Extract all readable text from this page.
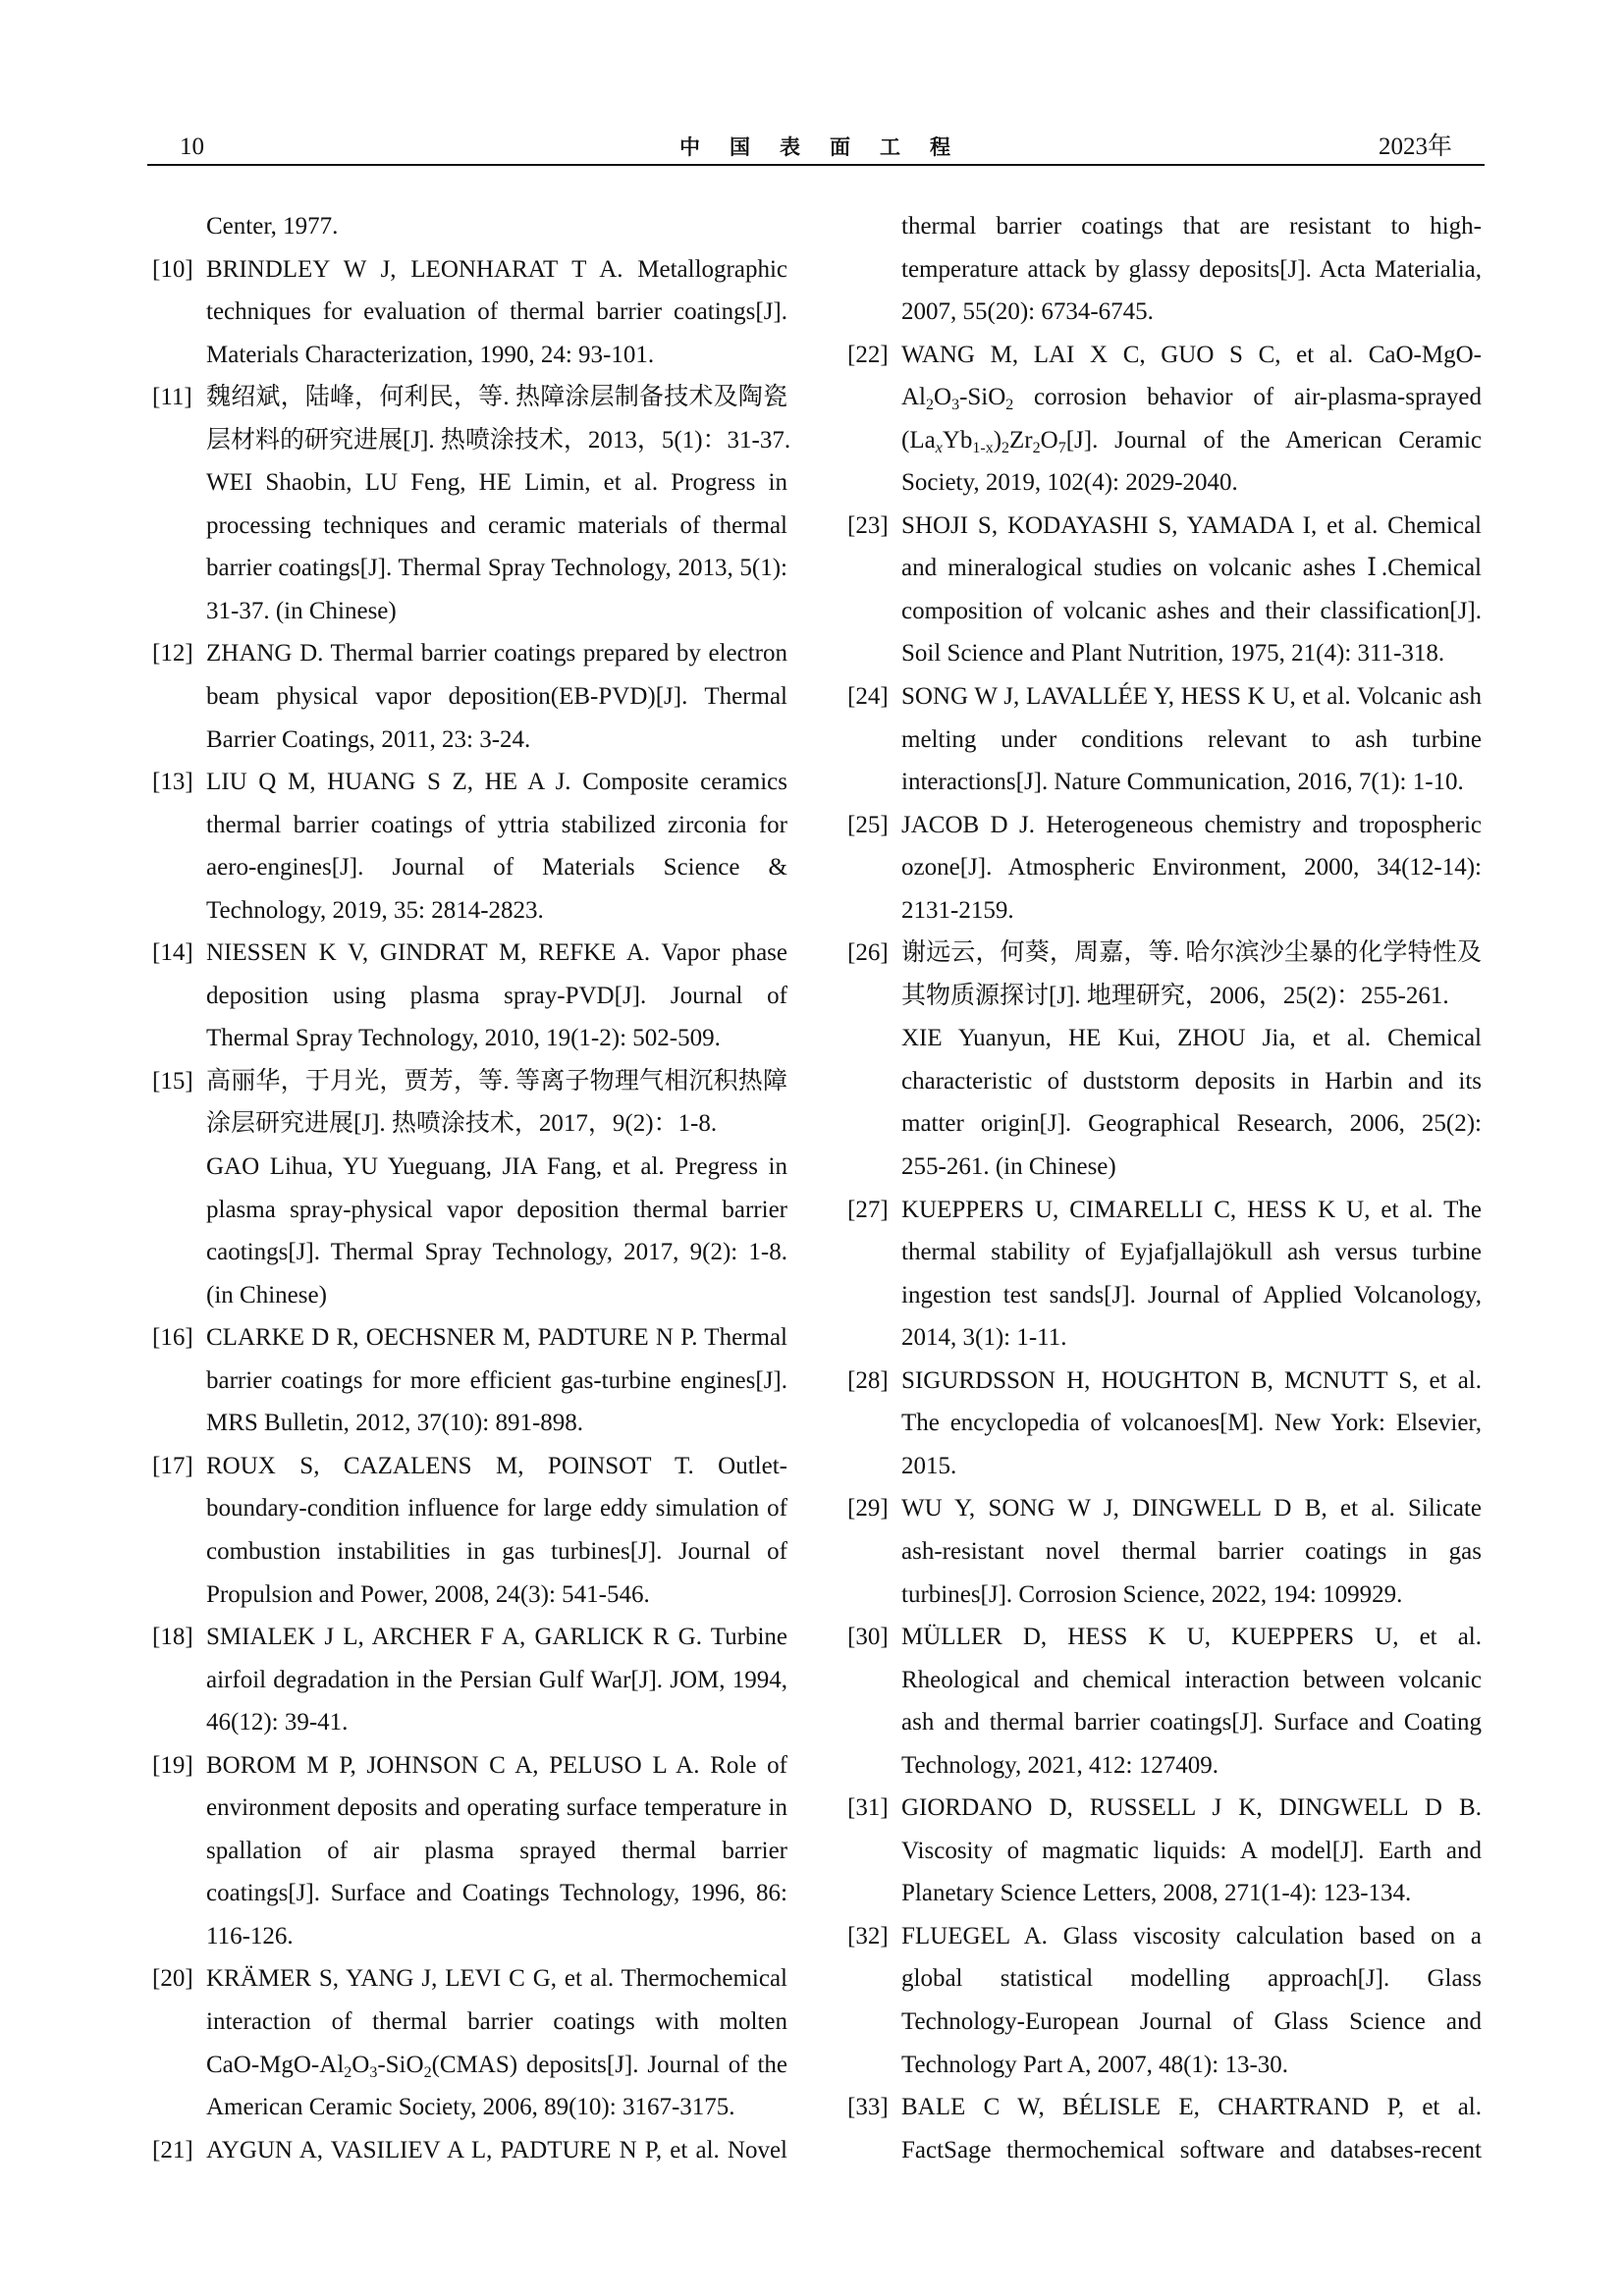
10	中国表面工程	2023年
Center, 1977.
[10] BRINDLEY W J, LEONHARAT T A. Metallographic
techniques for evaluation of thermal barrier coatings[J].
Materials Characterization, 1990, 24: 93-101.
[11] 魏绍斌，陆峰，何利民，等. 热障涂层制备技术及陶瓷
层材料的研究进展[J]. 热喷涂技术，2013，5(1)：31-37.
WEI Shaobin, LU Feng, HE Limin, et al. Progress in
processing techniques and ceramic materials of thermal
barrier coatings[J]. Thermal Spray Technology, 2013, 5(1):
31-37. (in Chinese)
[12] ZHANG D. Thermal barrier coatings prepared by electron
beam physical vapor deposition(EB-PVD)[J]. Thermal
Barrier Coatings, 2011, 23: 3-24.
[13] LIU Q M, HUANG S Z, HE A J. Composite ceramics
thermal barrier coatings of yttria stabilized zirconia for
aero-engines[J]. Journal of Materials Science &
Technology, 2019, 35: 2814-2823.
[14] NIESSEN K V, GINDRAT M, REFKE A. Vapor phase
deposition using plasma spray-PVD[J]. Journal of
Thermal Spray Technology, 2010, 19(1-2): 502-509.
[15] 高丽华，于月光，贾芳，等. 等离子物理气相沉积热障
涂层研究进展[J]. 热喷涂技术，2017，9(2)：1-8.
GAO Lihua, YU Yueguang, JIA Fang, et al. Pregress in
plasma spray-physical vapor deposition thermal barrier
caotings[J]. Thermal Spray Technology, 2017, 9(2): 1-8.
(in Chinese)
[16] CLARKE D R, OECHSNER M, PADTURE N P. Thermal
barrier coatings for more efficient gas-turbine engines[J].
MRS Bulletin, 2012, 37(10): 891-898.
[17] ROUX S, CAZALENS M, POINSOT T. Outlet-
boundary-condition influence for large eddy simulation of
combustion instabilities in gas turbines[J]. Journal of
Propulsion and Power, 2008, 24(3): 541-546.
[18] SMIALEK J L, ARCHER F A, GARLICK R G. Turbine
airfoil degradation in the Persian Gulf War[J]. JOM, 1994,
46(12): 39-41.
[19] BOROM M P, JOHNSON C A, PELUSO L A. Role of
environment deposits and operating surface temperature in
spallation of air plasma sprayed thermal barrier
coatings[J]. Surface and Coatings Technology, 1996, 86:
116-126.
[20] KRÄMER S, YANG J, LEVI C G, et al. Thermochemical
interaction of thermal barrier coatings with molten
CaO-$MgO-Al_2O_3-SiO_2(CMAS)$ deposits[J]. Journal of the
American Ceramic Society, 2006, 89(10): 3167-3175.
[21] AYGUN A, VASILIEV A L, PADTURE N P, et al. Novel
thermal barrier coatings that are resistant to high-
temperature attack by glassy deposits[J]. Acta Materialia,
2007, 55(20): 6734-6745.
[22] WANG M, LAI X C, GUO S C, et al. CaO-MgO-
$Al_2O_3-SiO_2$ corrosion behavior of air-plasma-sprayed
$(La_xYb_{1-x})_2Zr_2O_7[J]$. Journal of the American Ceramic
Society, 2019, 102(4): 2029-2040.
[23] SHOJI S, KODAYASHI S, YAMADA I, et al. Chemical
and mineralogical studies on volcanic ashes Ⅰ.Chemical
composition of volcanic ashes and their classification[J].
Soil Science and Plant Nutrition, 1975, 21(4): 311-318.
[24] SONG W J, LAVALLÉE Y, HESS K U, et al. Volcanic ash
melting under conditions relevant to ash turbine
interactions[J]. Nature Communication, 2016, 7(1): 1-10.
[25] JACOB D J. Heterogeneous chemistry and tropospheric
ozone[J]. Atmospheric Environment, 2000, 34(12-14):
2131-2159.
[26] 谢远云，何葵，周嘉，等. 哈尔滨沙尘暴的化学特性及
其物质源探讨[J]. 地理研究，2006，25(2)：255-261.
XIE Yuanyun, HE Kui, ZHOU Jia, et al. Chemical
characteristic of duststorm deposits in Harbin and its
matter origin[J]. Geographical Research, 2006, 25(2):
255-261. (in Chinese)
[27] KUEPPERS U, CIMARELLI C, HESS K U, et al. The
thermal stability of Eyjafjallajökull ash versus turbine
ingestion test sands[J]. Journal of Applied Volcanology,
2014, 3(1): 1-11.
[28] SIGURDSSON H, HOUGHTON B, MCNUTT S, et al.
The encyclopedia of volcanoes[M]. New York: Elsevier,
2015.
[29] WU Y, SONG W J, DINGWELL D B, et al. Silicate
ash-resistant novel thermal barrier coatings in gas
turbines[J]. Corrosion Science, 2022, 194: 109929.
[30] MÜLLER D, HESS K U, KUEPPERS U, et al.
Rheological and chemical interaction between volcanic
ash and thermal barrier coatings[J]. Surface and Coating
Technology, 2021, 412: 127409.
[31] GIORDANO D, RUSSELL J K, DINGWELL D B.
Viscosity of magmatic liquids: A model[J]. Earth and
Planetary Science Letters, 2008, 271(1-4): 123-134.
[32] FLUEGEL A. Glass viscosity calculation based on a
global statistical modelling approach[J]. Glass
Technology-European Journal of Glass Science and
Technology Part A, 2007, 48(1): 13-30.
[33] BALE C W, BÉLISLE E, CHARTRAND P, et al.
FactSage thermochemical software and databses-recent
